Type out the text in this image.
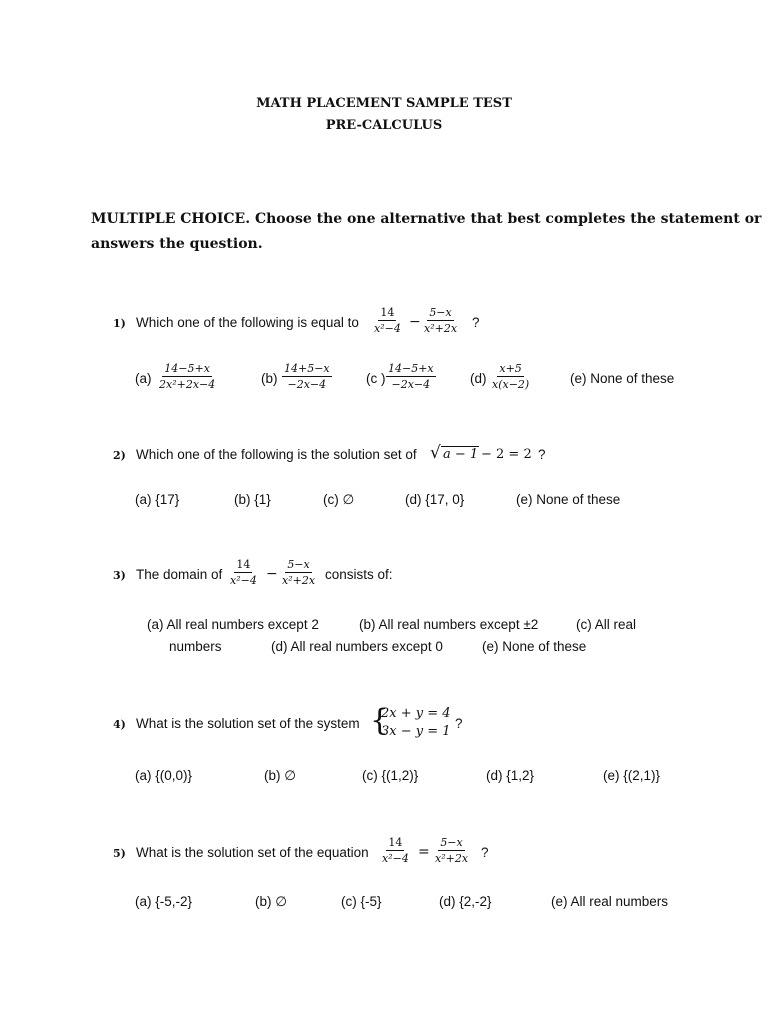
MATH PLACEMENT SAMPLE TEST
PRE-CALCULUS
MULTIPLE CHOICE. Choose the one alternative that best completes the statement or
answers the question.
1) Which one of the following is equal to $\frac{14}{\text{x²−4}} - \frac{5-x}{\text{x²+2x}}$ ?
$(a) \frac{14-5+x}{\text{2x²+2x−4}}$	$(b) \frac{14+5-x}{-2x-4}$	(c ) $\frac{14-5+x}{-2x-4}$	$(d) \frac{x+5}{x(x-2)}$	(e) None of these
2) Which one of the following is the solution set of √ a − 1 − 2 = 2 ?
(a) {17}	(b) {1}	(c) ∅	(d) {17, 0}	(e) None of these
3) The domain of $\frac{14}{\text{x²−4}} - \frac{5-x}{\text{x²+2x}}$ consists of:
(a) All real numbers except 2	(b) All real numbers except ±2	(c) All real
numbers	(d) All real numbers except 0	(e) None of these
4) What is the solution set of the system {
2x + y = 4
3x − y = 1
?
(a) {(0,0)}	(b) ∅	(c) {(1,2)}	(d) {1,2}	(e) {(2,1)}
5) What is the solution set of the equation $\frac{14}{\text{x²−4}} = \frac{5-x}{\text{x²+2x}}$ ?
(a) {-5,-2}	(b) ∅	(c) {-5}	(d) {2,-2}	(e) All real numbers
